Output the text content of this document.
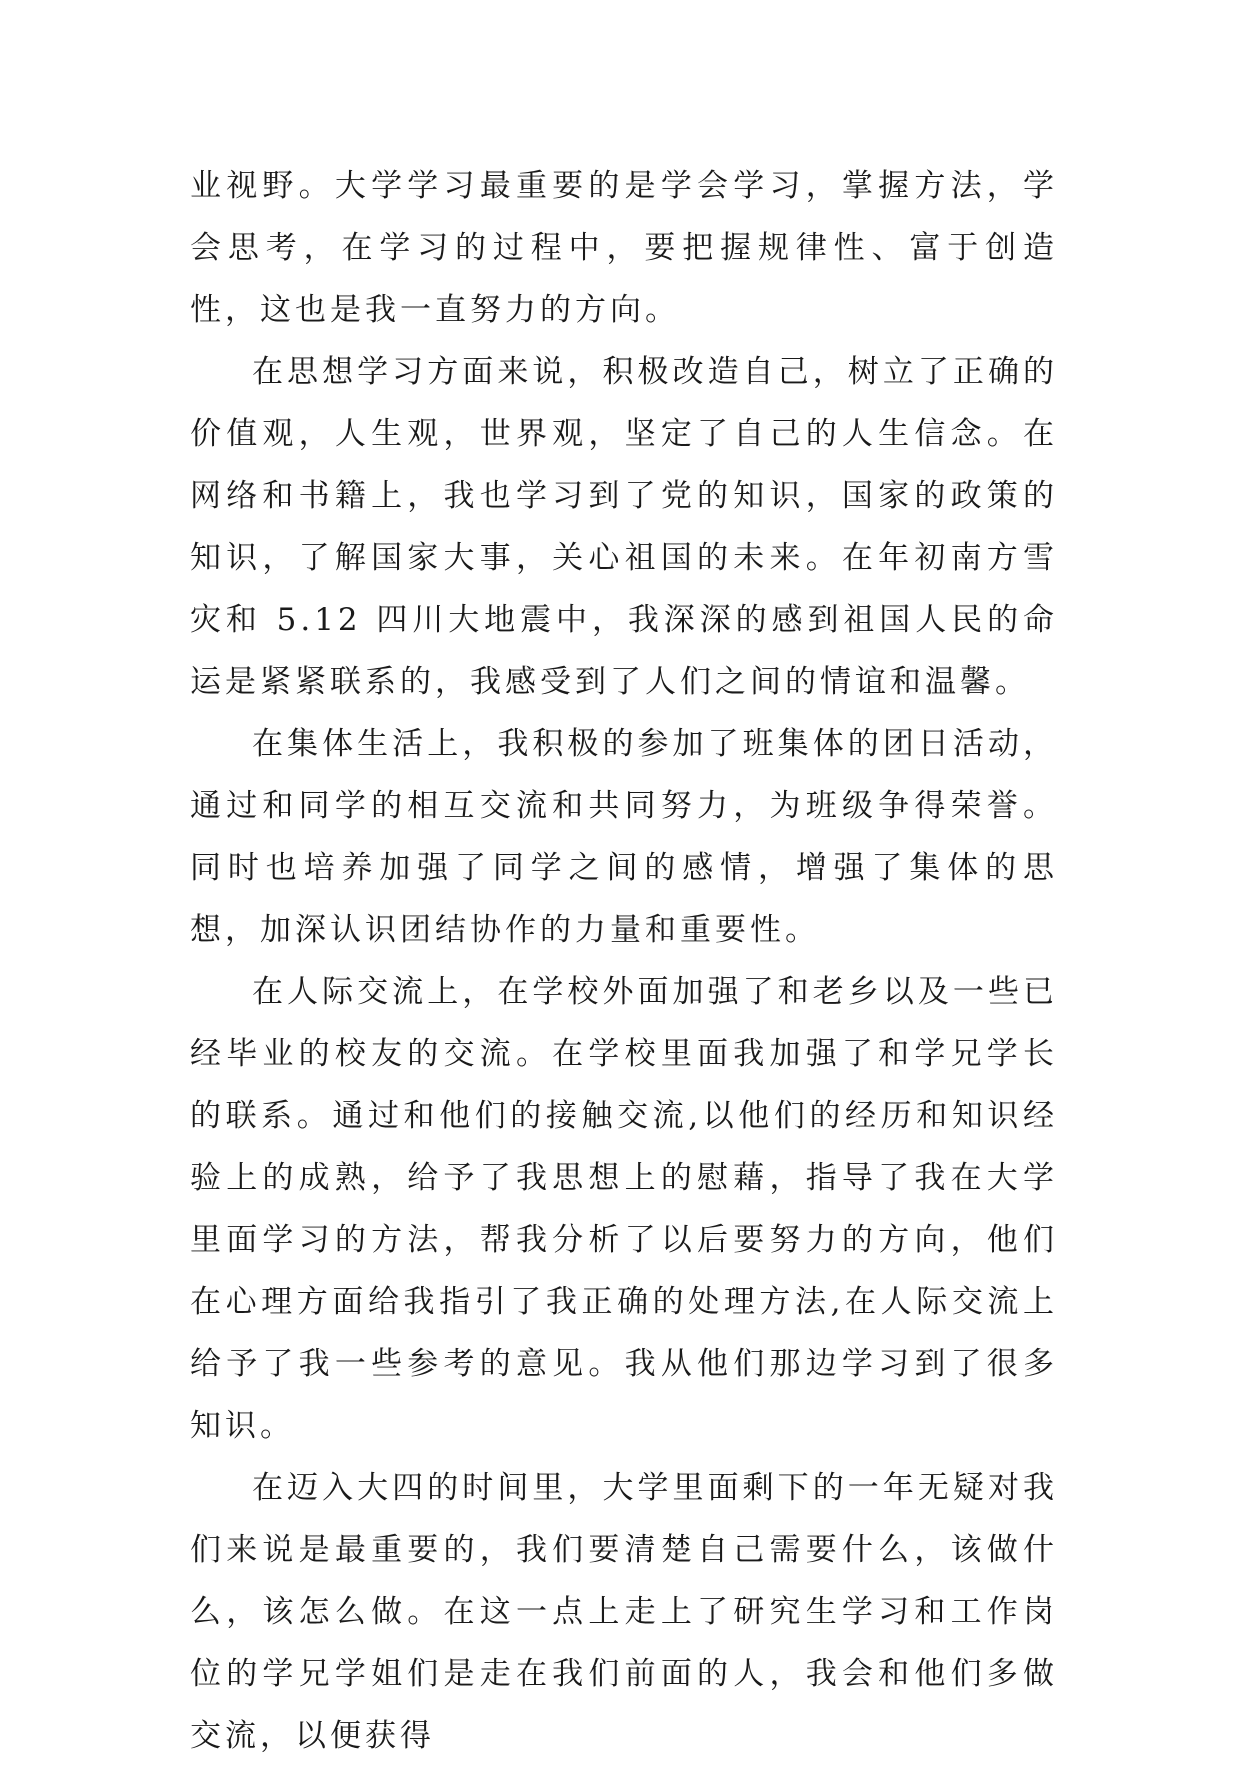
业视野。大学学习最重要的是学会学习，掌握方法，学会思考，在学习的过程中，要把握规律性、富于创造性，这也是我一直努力的方向。

在思想学习方面来说，积极改造自己，树立了正确的价值观，人生观，世界观，坚定了自己的人生信念。在网络和书籍上，我也学习到了党的知识，国家的政策的知识，了解国家大事，关心祖国的未来。在年初南方雪灾和 5.12 四川大地震中，我深深的感到祖国人民的命运是紧紧联系的，我感受到了人们之间的情谊和温馨。

在集体生活上，我积极的参加了班集体的团日活动，通过和同学的相互交流和共同努力，为班级争得荣誉。同时也培养加强了同学之间的感情，增强了集体的思想，加深认识团结协作的力量和重要性。

在人际交流上，在学校外面加强了和老乡以及一些已经毕业的校友的交流。在学校里面我加强了和学兄学长的联系。通过和他们的接触交流,以他们的经历和知识经验上的成熟，给予了我思想上的慰藉，指导了我在大学里面学习的方法，帮我分析了以后要努力的方向，他们在心理方面给我指引了我正确的处理方法,在人际交流上给予了我一些参考的意见。我从他们那边学习到了很多知识。

在迈入大四的时间里，大学里面剩下的一年无疑对我们来说是最重要的，我们要清楚自己需要什么，该做什么，该怎么做。在这一点上走上了研究生学习和工作岗位的学兄学姐们是走在我们前面的人，我会和他们多做交流，以便获得
